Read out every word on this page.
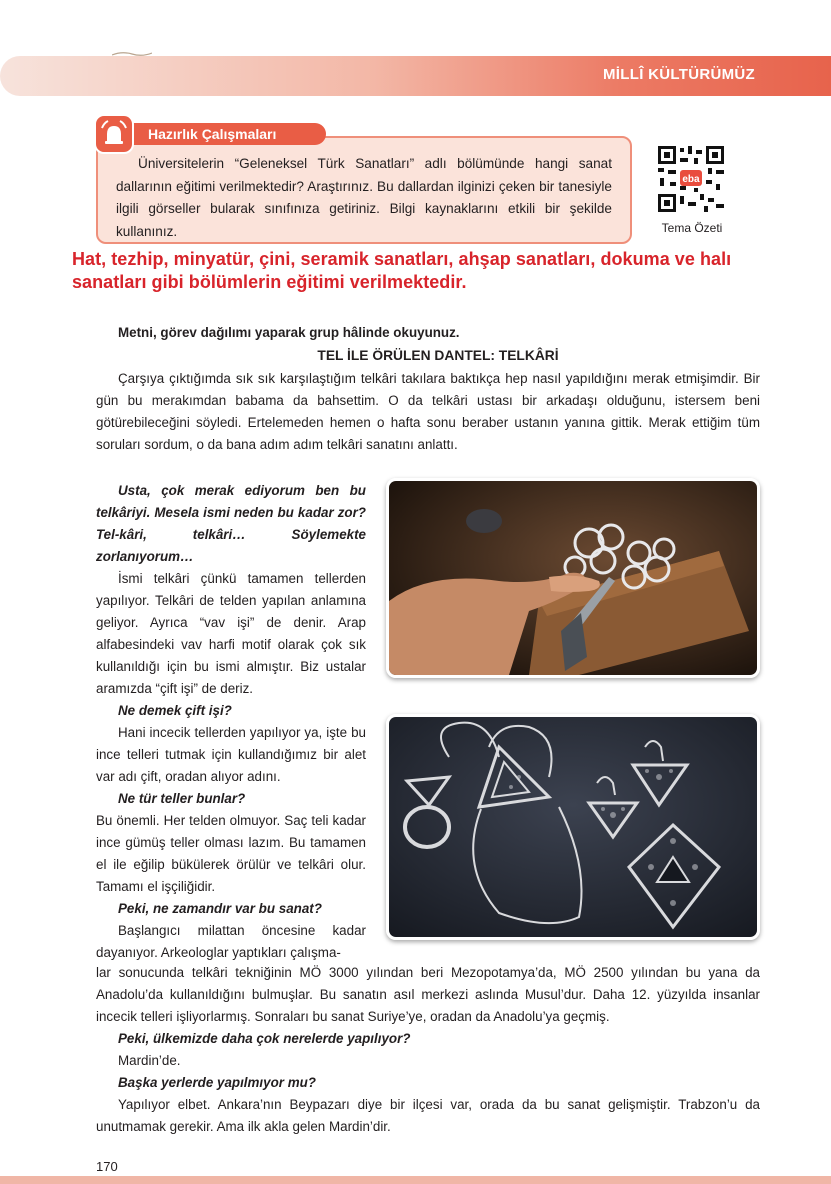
MİLLÎ KÜLTÜRÜMÜZ
Hazırlık Çalışmaları
Üniversitelerin “Geleneksel Türk Sanatları” adlı bölümünde hangi sanat dallarının eğitimi verilmektedir? Araştırınız. Bu dallardan ilginizi çeken bir tanesiyle ilgili görseller bularak sınıfınıza getiriniz. Bilgi kaynaklarını etkili bir şekilde kullanınız.
eba
Tema Özeti
Hat, tezhip, minyatür, çini, seramik sanatları, ahşap sanatları, dokuma ve halı sanatları gibi bölümlerin eğitimi verilmektedir.
Metni, görev dağılımı yaparak grup hâlinde okuyunuz.
TEL İLE ÖRÜLEN DANTEL: TELKÂRİ
Çarşıya çıktığımda sık sık karşılaştığım telkâri takılara baktıkça hep nasıl yapıldığını merak etmişimdir. Bir gün bu merakımdan babama da bahsettim. O da telkâri ustası bir arkadaşı olduğunu, istersem beni götürebileceğini söyledi. Ertelemeden hemen o hafta sonu beraber ustanın yanına gittik. Merak ettiğim tüm soruları sordum, o da bana adım adım telkâri sanatını anlattı.
Usta, çok merak ediyorum ben bu telkâriyi. Mesela ismi neden bu kadar zor? Tel-kâri, telkâri… Söylemekte zorlanıyorum…
İsmi telkâri çünkü tamamen tellerden yapılıyor. Telkâri de telden yapılan anlamına geliyor. Ayrıca “vav işi” de denir. Arap alfabesindeki vav harfi motif olarak çok sık kullanıldığı için bu ismi almıştır. Biz ustalar aramızda “çift işi” de deriz.
Ne demek çift işi?
Hani incecik tellerden yapılıyor ya, işte bu ince telleri tutmak için kullandığımız bir alet var adı çift, oradan alıyor adını.
Ne tür teller bunlar?
Bu önemli. Her telden olmuyor. Saç teli kadar ince gümüş teller olması lazım. Bu tamamen el ile eğilip bükülerek örülür ve telkâri olur. Tamamı el işçiliğidir.
Peki, ne zamandır var bu sanat?
Başlangıcı milattan öncesine kadar dayanıyor. Arkeologlar yaptıkları çalışma-
lar sonucunda telkâri tekniğinin MÖ 3000 yılından beri Mezopotamya’da, MÖ 2500 yılından bu yana da Anadolu’da kullanıldığını bulmuşlar. Bu sanatın asıl merkezi aslında Musul’dur. Daha 12. yüzyılda insanlar incecik telleri işliyorlarmış. Sonraları bu sanat Suriye’ye, oradan da Anadolu’ya geçmiş.
Peki, ülkemizde daha çok nerelerde yapılıyor?
Mardin’de.
Başka yerlerde yapılmıyor mu?
Yapılıyor elbet. Ankara’nın Beypazarı diye bir ilçesi var, orada da bu sanat gelişmiştir. Trabzon’u da unutmamak gerekir. Ama ilk akla gelen Mardin’dir.
170
